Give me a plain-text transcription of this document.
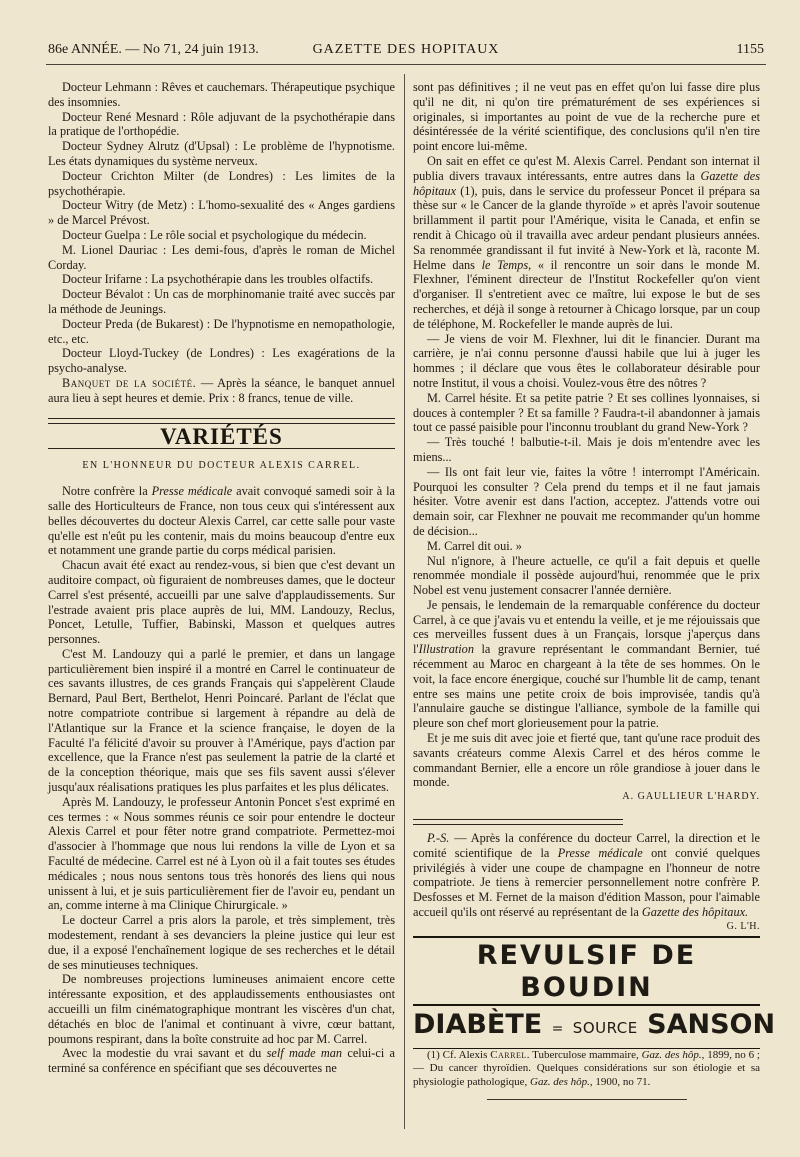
86e ANNÉE. — No 71, 24 juin 1913.	GAZETTE DES HOPITAUX	1155

Docteur Lehmann : Rêves et cauchemars. Thérapeutique psychique des insomnies.

Docteur René Mesnard : Rôle adjuvant de la psychothérapie dans la pratique de l'orthopédie.

Docteur Sydney Alrutz (d'Upsal) : Le problème de l'hypnotisme. Les états dynamiques du système nerveux.

Docteur Crichton Milter (de Londres) : Les limites de la psychothérapie.

Docteur Witry (de Metz) : L'homo-sexualité des « Anges gardiens » de Marcel Prévost.

Docteur Guelpa : Le rôle social et psychologique du médecin.

M. Lionel Dauriac : Les demi-fous, d'après le roman de Michel Corday.

Docteur Irifarne : La psychothérapie dans les troubles olfactifs.

Docteur Bévalot : Un cas de morphinomanie traité avec succès par la méthode de Jeunings.

Docteur Preda (de Bukarest) : De l'hypnotisme en nemopathologie, etc., etc.

Docteur Lloyd-Tuckey (de Londres) : Les exagérations de la psycho-analyse.

Banquet de la société. — Après la séance, le banquet annuel aura lieu à sept heures et demie. Prix : 8 francs, tenue de ville.

VARIÉTÉS
EN L'HONNEUR DU DOCTEUR ALEXIS CARREL.

Notre confrère la Presse médicale avait convoqué samedi soir à la salle des Horticulteurs de France, non tous ceux qui s'intéressent aux belles découvertes du docteur Alexis Carrel, car cette salle pour vaste qu'elle est n'eût pu les contenir, mais du moins beaucoup d'entre eux et notamment une grande partie du corps médical parisien.

Chacun avait été exact au rendez-vous, si bien que c'est devant un auditoire compact, où figuraient de nombreuses dames, que le docteur Carrel s'est présenté, accueilli par une salve d'applaudissements. Sur l'estrade avaient pris place auprès de lui, MM. Landouzy, Reclus, Poncet, Letulle, Tuffier, Babinski, Masson et quelques autres personnes.

C'est M. Landouzy qui a parlé le premier, et dans un langage particulièrement bien inspiré il a montré en Carrel le continuateur de ces savants illustres, de ces grands Français qui s'appelèrent Claude Bernard, Paul Bert, Berthelot, Henri Poincaré. Parlant de l'éclat que notre compatriote contribue si largement à répandre au delà de l'Atlantique sur la France et la science française, le doyen de la Faculté l'a félicité d'avoir su prouver à l'Amérique, pays d'action par excellence, que la France n'est pas seulement la patrie de la clarté et de la conception théorique, mais que ses fils savent aussi s'élever jusqu'aux réalisations pratiques les plus parfaites et les plus délicates.

Après M. Landouzy, le professeur Antonin Poncet s'est exprimé en ces termes : « Nous sommes réunis ce soir pour entendre le docteur Alexis Carrel et pour fêter notre grand compatriote. Permettez-moi d'associer à l'hommage que nous lui rendons la ville de Lyon et sa Faculté de médecine. Carrel est né à Lyon où il a fait toutes ses études médicales ; nous nous sentons tous très honorés des liens qui nous unissent à lui, et je suis particulièrement fier de l'avoir eu, pendant un an, comme interne à ma Clinique Chirurgicale. »

Le docteur Carrel a pris alors la parole, et très simplement, très modestement, rendant à ses devanciers la pleine justice qui leur est due, il a exposé l'enchaînement logique de ses recherches et le détail de ses minutieuses techniques.

De nombreuses projections lumineuses animaient encore cette intéressante exposition, et des applaudissements enthousiastes ont accueilli un film cinématographique montrant les viscères d'un chat, détachés en bloc de l'animal et continuant à vivre, cœur battant, poumons respirant, dans la boîte construite ad hoc par M. Carrel.

Avec la modestie du vrai savant et du self made man celui-ci a terminé sa conférence en spécifiant que ses découvertes ne

sont pas définitives ; il ne veut pas en effet qu'on lui fasse dire plus qu'il ne dit, ni qu'on tire prématurément de ses expériences si originales, si importantes au point de vue de la recherche pure et désintéressée de la vérité scientifique, des conclusions qu'il n'en tire point encore lui-même.

On sait en effet ce qu'est M. Alexis Carrel. Pendant son internat il publia divers travaux intéressants, entre autres dans la Gazette des hôpitaux (1), puis, dans le service du professeur Poncet il prépara sa thèse sur « le Cancer de la glande thyroïde » et après l'avoir soutenue brillamment il partit pour l'Amérique, visita le Canada, et enfin se rendit à Chicago où il travailla avec ardeur pendant plusieurs années. Sa renommée grandissant il fut invité à New-York et là, raconte M. Helme dans le Temps, « il rencontre un soir dans le monde M. Flexhner, l'éminent directeur de l'Institut Rockefeller qu'on vient d'organiser. Il s'entretient avec ce maître, lui expose le but de ses recherches, et déjà il songe à retourner à Chicago lorsque, par un coup de téléphone, M. Rockefeller le mande auprès de lui.

— Je viens de voir M. Flexhner, lui dit le financier. Durant ma carrière, je n'ai connu personne d'aussi habile que lui à juger les hommes ; il déclare que vous êtes le collaborateur désirable pour notre Institut, il vous a choisi. Voulez-vous être des nôtres ?

M. Carrel hésite. Et sa petite patrie ? Et ses collines lyonnaises, si douces à contempler ? Et sa famille ? Faudra-t-il abandonner à jamais tout ce passé paisible pour l'inconnu troublant du grand New-York ?

— Très touché ! balbutie-t-il. Mais je dois m'entendre avec les miens...

— Ils ont fait leur vie, faites la vôtre ! interrompt l'Américain. Pourquoi les consulter ? Cela prend du temps et il ne faut jamais hésiter. Votre avenir est dans l'action, acceptez. J'attends votre oui demain soir, car Flexhner ne pouvait me recommander qu'un homme de décision...

M. Carrel dit oui. »

Nul n'ignore, à l'heure actuelle, ce qu'il a fait depuis et quelle renommée mondiale il possède aujourd'hui, renommée que le prix Nobel est venu justement consacrer l'année dernière.

Je pensais, le lendemain de la remarquable conférence du docteur Carrel, à ce que j'avais vu et entendu la veille, et je me réjouissais que ces merveilles fussent dues à un Français, lorsque j'aperçus dans l'Illustration la gravure représentant le commandant Bernier, tué récemment au Maroc en chargeant à la tête de ses hommes. On le voit, la face encore énergique, couché sur l'humble lit de camp, tenant entre ses mains une petite croix de bois improvisée, tandis qu'à l'annulaire gauche se distingue l'alliance, symbole de la famille qui pleure son chef mort glorieusement pour la patrie.

Et je me suis dit avec joie et fierté que, tant qu'une race produit des savants créateurs comme Alexis Carrel et des héros comme le commandant Bernier, elle a encore un rôle grandiose à jouer dans le monde.

A. GAULLIEUR L'HARDY.

P.-S. — Après la conférence du docteur Carrel, la direction et le comité scientifique de la Presse médicale ont convié quelques privilégiés à vider une coupe de champagne en l'honneur de notre compatriote. Je tiens à remercier personnellement notre confrère P. Desfosses et M. Fernet de la maison d'édition Masson, pour l'aimable accueil qu'ils ont réservé au représentant de la Gazette des hôpitaux.
G. L'H.

REVULSIF DE BOUDIN
DIABÈTE = SOURCE SANSON

(1) Cf. Alexis Carrel. Tuberculose mammaire, Gaz. des hôp., 1899, no 6 ; — Du cancer thyroïdien. Quelques considérations sur son étiologie et sa physiologie pathologique, Gaz. des hôp., 1900, no 71.
